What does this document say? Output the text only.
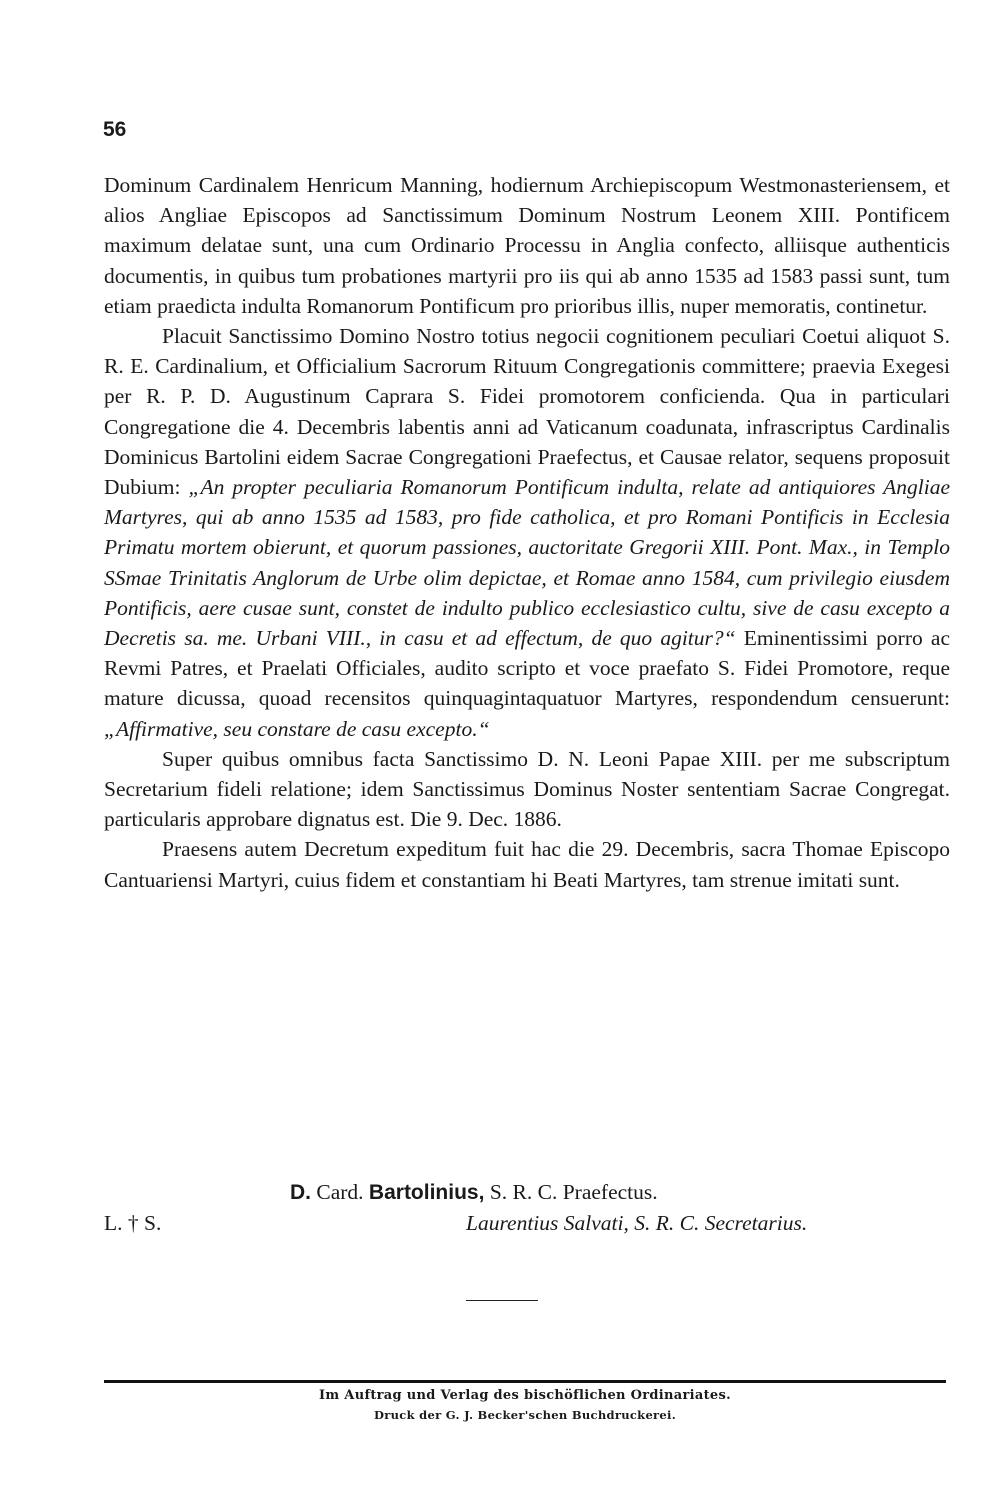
56

Dominum Cardinalem Henricum Manning, hodiernum Archiepiscopum Westmonasteriensem, et alios Angliae Episcopos ad Sanctissimum Dominum Nostrum Leonem XIII. Pontificem maximum delatae sunt, una cum Ordinario Processu in Anglia confecto, alliisque authenticis documentis, in quibus tum probationes martyrii pro iis qui ab anno 1535 ad 1583 passi sunt, tum etiam praedicta indulta Romanorum Pontificum pro prioribus illis, nuper memoratis, continetur.

Placuit Sanctissimo Domino Nostro totius negocii cognitionem peculiari Coetui aliquot S. R. E. Cardinalium, et Officialium Sacrorum Rituum Congregationis committere; praevia Exegesi per R. P. D. Augustinum Caprara S. Fidei promotorem conficienda. Qua in particulari Congregatione die 4. Decembris labentis anni ad Vaticanum coadunata, infrascriptus Cardinalis Dominicus Bartolini eidem Sacrae Congregationi Praefectus, et Causae relator, sequens proposuit Dubium: „An propter peculiaria Romanorum Pontificum indulta, relate ad antiquiores Angliae Martyres, qui ab anno 1535 ad 1583, pro fide catholica, et pro Romani Pontificis in Ecclesia Primatu mortem obierunt, et quorum passiones, auctoritate Gregorii XIII. Pont. Max., in Templo SSmae Trinitatis Anglorum de Urbe olim depictae, et Romae anno 1584, cum privilegio eiusdem Pontificis, aere cusae sunt, constet de indulto publico ecclesiastico cultu, sive de casu excepto a Decretis sa. me. Urbani VIII., in casu et ad effectum, de quo agitur?“ Eminentissimi porro ac Revmi Patres, et Praelati Officiales, audito scripto et voce praefato S. Fidei Promotore, reque mature dicussa, quoad recensitos quinquagintaquatuor Martyres, respondendum censuerunt: „Affirmative, seu constare de casu excepto.“

Super quibus omnibus facta Sanctissimo D. N. Leoni Papae XIII. per me subscriptum Secretarium fideli relatione; idem Sanctissimus Dominus Noster sententiam Sacrae Congregat. particularis approbare dignatus est. Die 9. Dec. 1886.

Praesens autem Decretum expeditum fuit hac die 29. Decembris, sacra Thomae Episcopo Cantuariensi Martyri, cuius fidem et constantiam hi Beati Martyres, tam strenue imitati sunt.

D. Card. Bartolinius, S. R. C. Praefectus.
L. † S.	Laurentius Salvati, S. R. C. Secretarius.
Im Auftrag und Verlag des bischöflichen Ordinariates.
Druck der G. J. Becker'schen Buchdruckerei.
